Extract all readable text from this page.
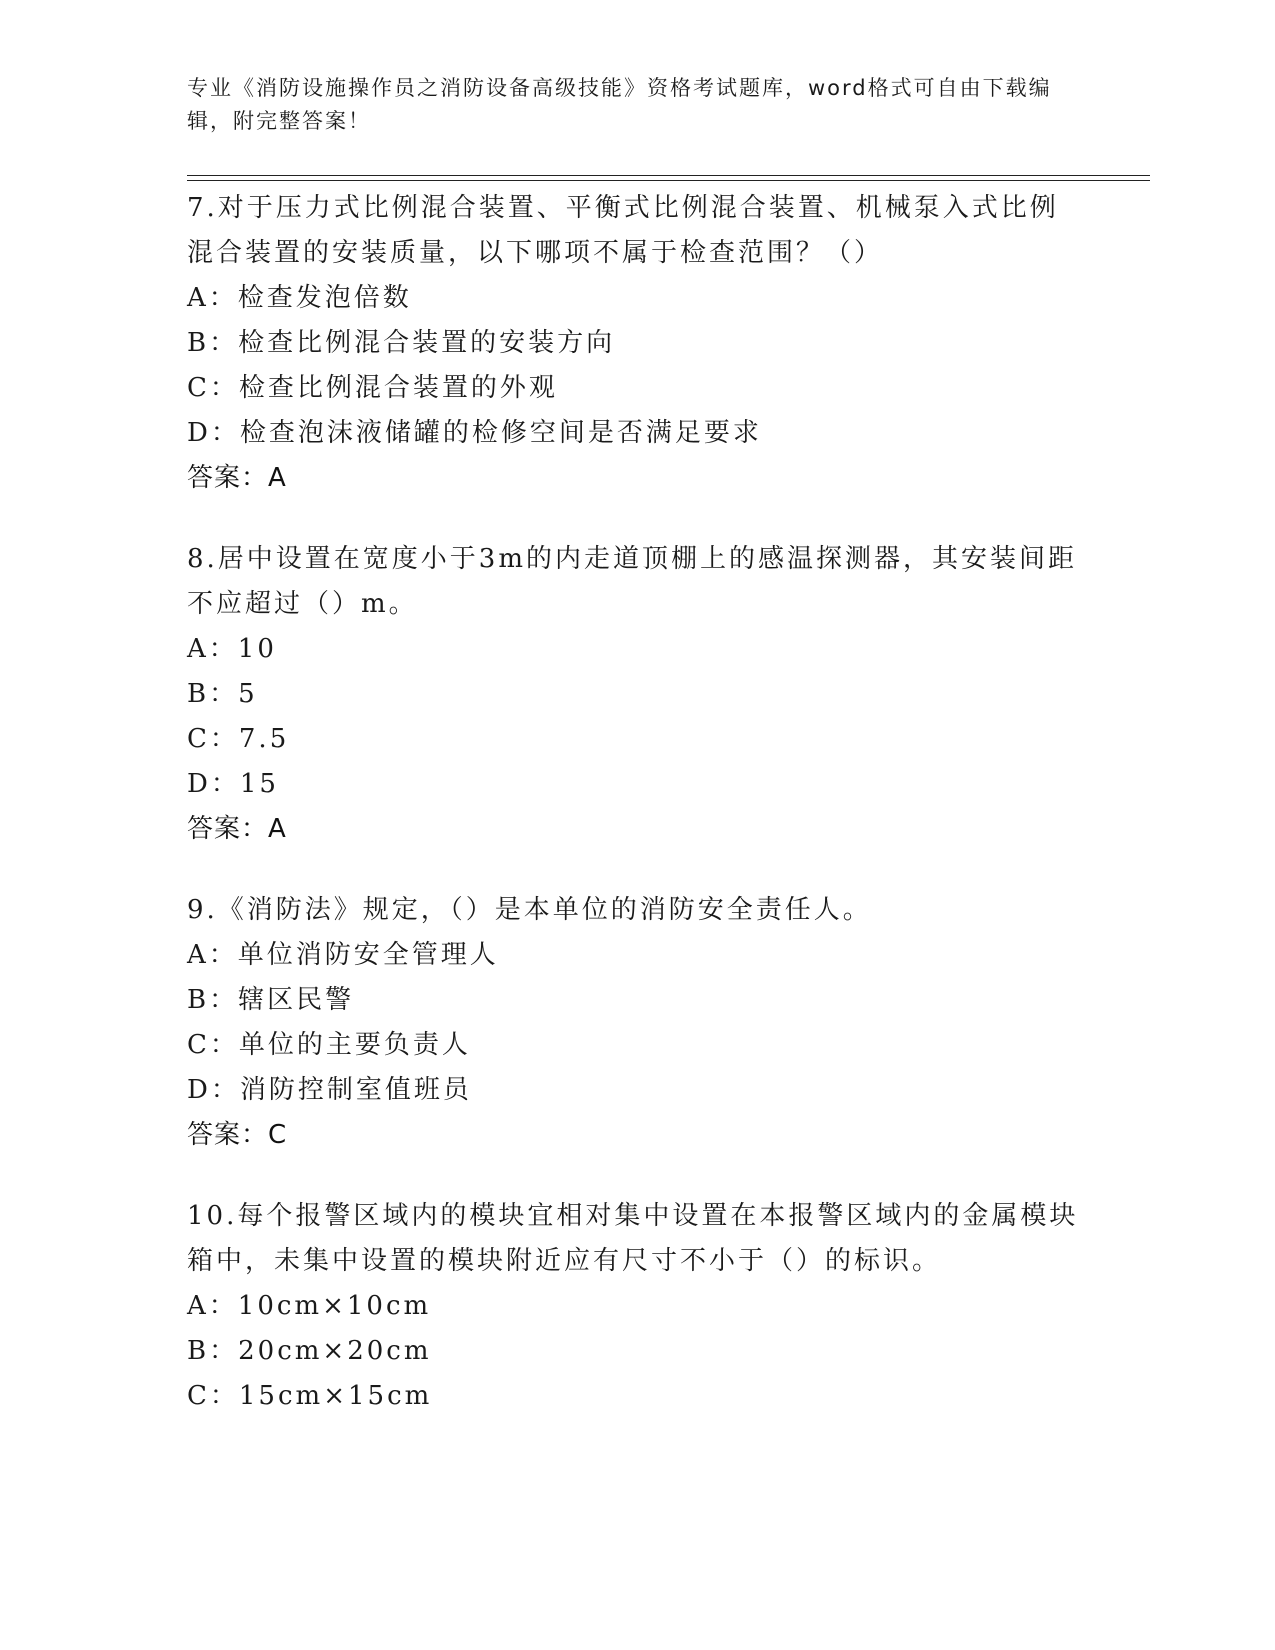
专业《消防设施操作员之消防设备高级技能》资格考试题库，word格式可自由下载编辑，附完整答案！
7.对于压力式比例混合装置、平衡式比例混合装置、机械泵入式比例混合装置的安装质量，以下哪项不属于检查范围？（）
A：检查发泡倍数
B：检查比例混合装置的安装方向
C：检查比例混合装置的外观
D：检查泡沫液储罐的检修空间是否满足要求
答案：A
8.居中设置在宽度小于3m的内走道顶棚上的感温探测器，其安装间距不应超过（）m。
A：10
B：5
C：7.5
D：15
答案：A
9.《消防法》规定，（）是本单位的消防安全责任人。
A：单位消防安全管理人
B：辖区民警
C：单位的主要负责人
D：消防控制室值班员
答案：C
10.每个报警区域内的模块宜相对集中设置在本报警区域内的金属模块箱中，未集中设置的模块附近应有尺寸不小于（）的标识。
A：10cm×10cm
B：20cm×20cm
C：15cm×15cm
